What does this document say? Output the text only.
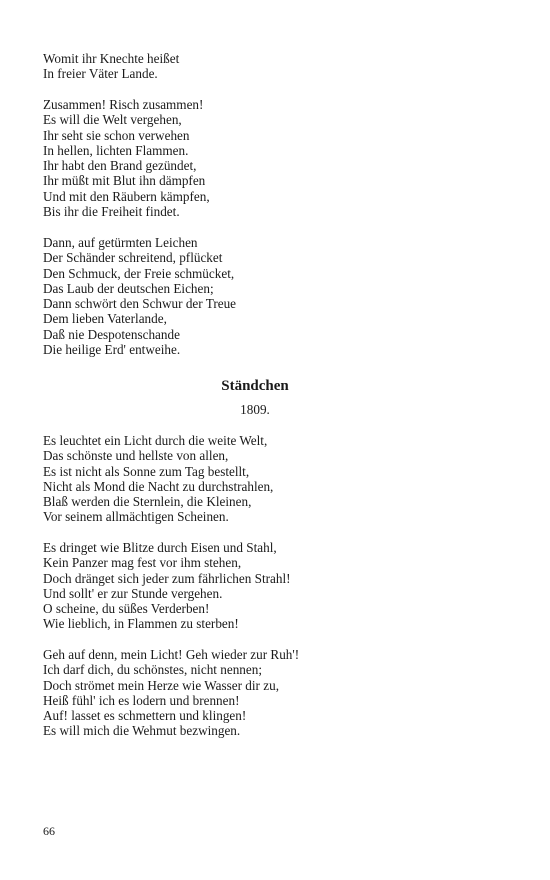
Womit ihr Knechte heißet
In freier Väter Lande.
Zusammen! Risch zusammen!
Es will die Welt vergehen,
Ihr seht sie schon verwehen
In hellen, lichten Flammen.
Ihr habt den Brand gezündet,
Ihr müßt mit Blut ihn dämpfen
Und mit den Räubern kämpfen,
Bis ihr die Freiheit findet.
Dann, auf getürmten Leichen
Der Schänder schreitend, pflücket
Den Schmuck, der Freie schmücket,
Das Laub der deutschen Eichen;
Dann schwört den Schwur der Treue
Dem lieben Vaterlande,
Daß nie Despotenschande
Die heilige Erd' entweihe.
Ständchen
1809.
Es leuchtet ein Licht durch die weite Welt,
Das schönste und hellste von allen,
Es ist nicht als Sonne zum Tag bestellt,
Nicht als Mond die Nacht zu durchstrahlen,
Blaß werden die Sternlein, die Kleinen,
Vor seinem allmächtigen Scheinen.
Es dringet wie Blitze durch Eisen und Stahl,
Kein Panzer mag fest vor ihm stehen,
Doch dränget sich jeder zum fährlichen Strahl!
Und sollt' er zur Stunde vergehen.
O scheine, du süßes Verderben!
Wie lieblich, in Flammen zu sterben!
Geh auf denn, mein Licht! Geh wieder zur Ruh'!
Ich darf dich, du schönstes, nicht nennen;
Doch strömet mein Herze wie Wasser dir zu,
Heiß fühl' ich es lodern und brennen!
Auf! lasset es schmettern und klingen!
Es will mich die Wehmut bezwingen.
66
